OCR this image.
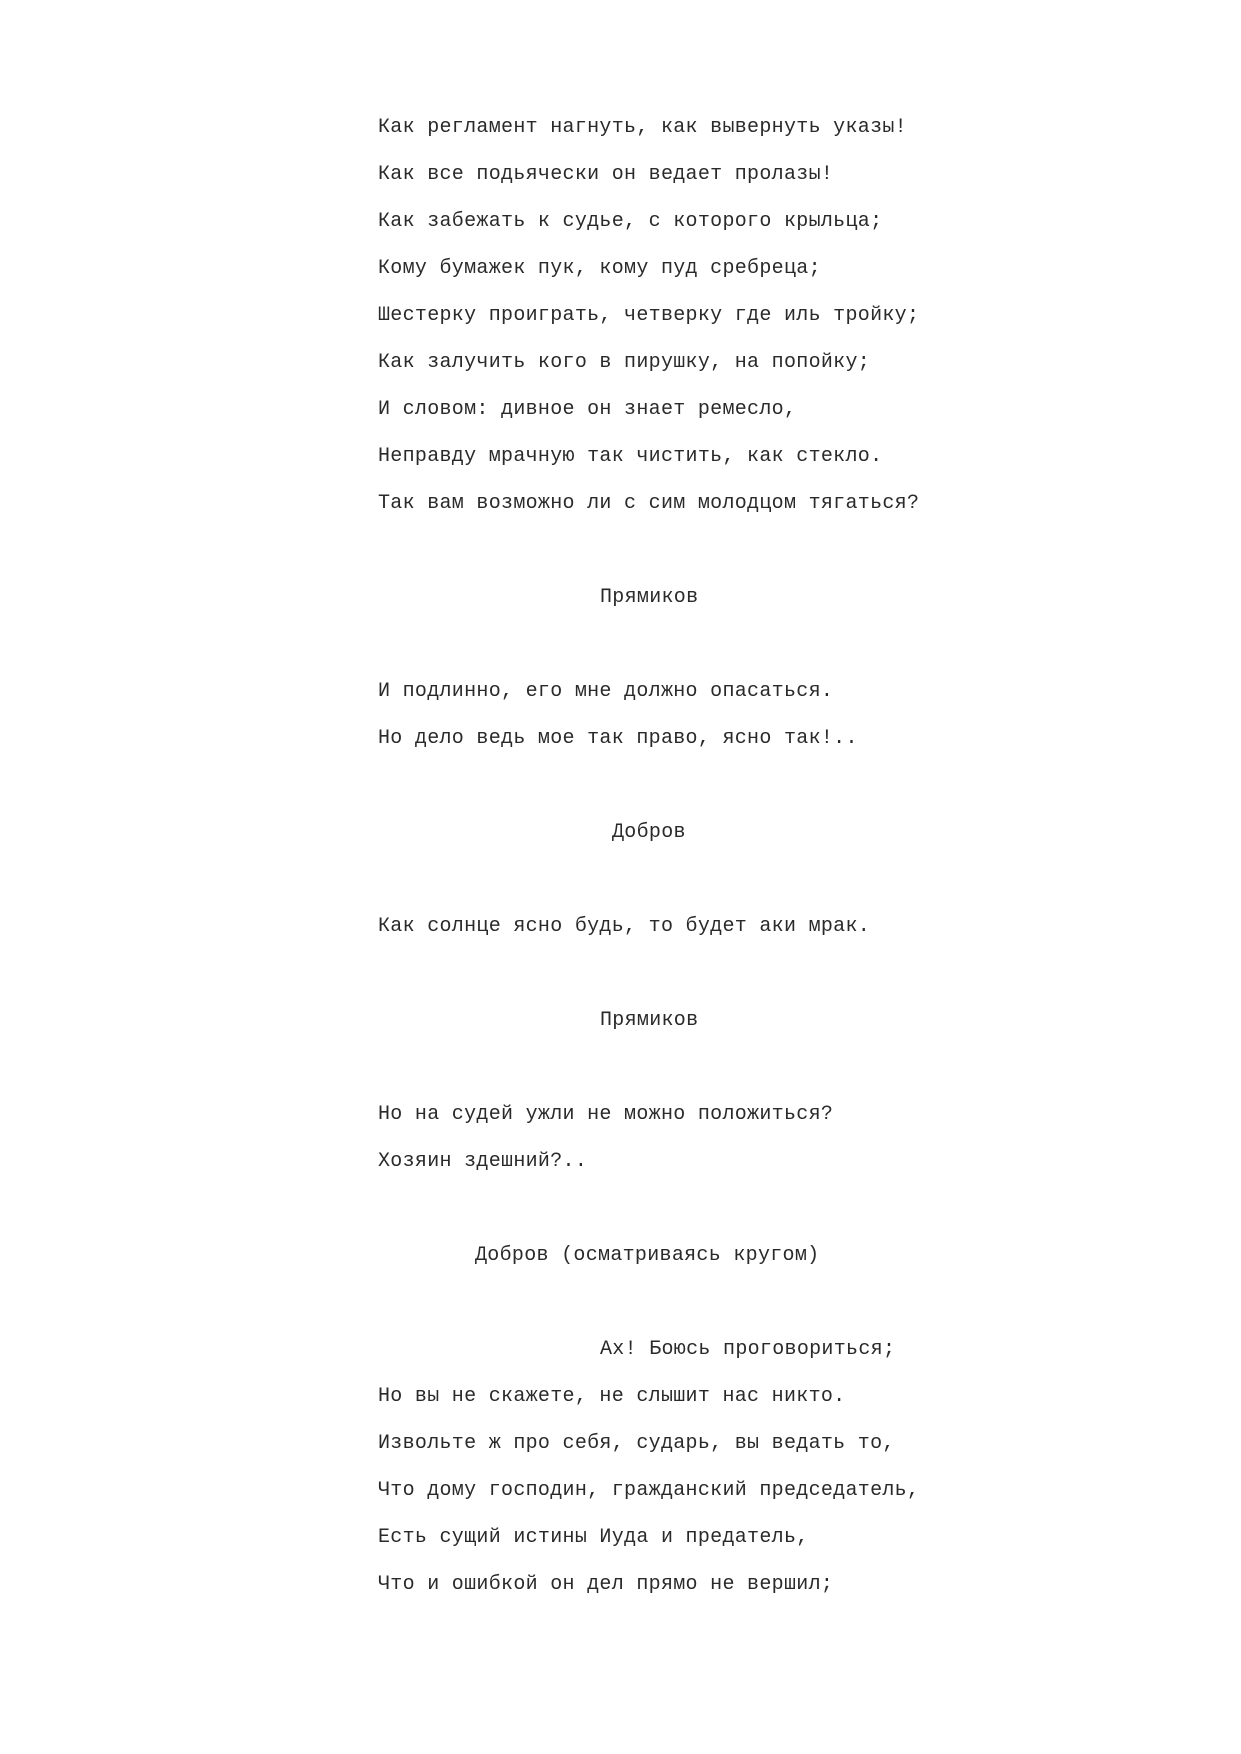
Как регламент нагнуть, как вывернуть указы!
Как все подьячески он ведает пролазы!
Как забежать к судье, с которого крыльца;
Кому бумажек пук, кому пуд сребреца;
Шестерку проиграть, четверку где иль тройку;
Как залучить кого в пирушку, на попойку;
И словом: дивное он знает ремесло,
Неправду мрачную так чистить, как стекло.
Так вам возможно ли с сим молодцом тягаться?
Прямиков
И подлинно, его мне должно опасаться.
Но дело ведь мое так право, ясно так!..
Добров
Как солнце ясно будь, то будет аки мрак.
Прямиков
Но на судей ужли не можно положиться?
Хозяин здешний?..
Добров (осматриваясь кругом)
Ах! Боюсь проговориться;
Но вы не скажете, не слышит нас никто.
Извольте ж про себя, сударь, вы ведать то,
Что дому господин, гражданский председатель,
Есть сущий истины Иуда и предатель,
Что и ошибкой он дел прямо не вершил;
